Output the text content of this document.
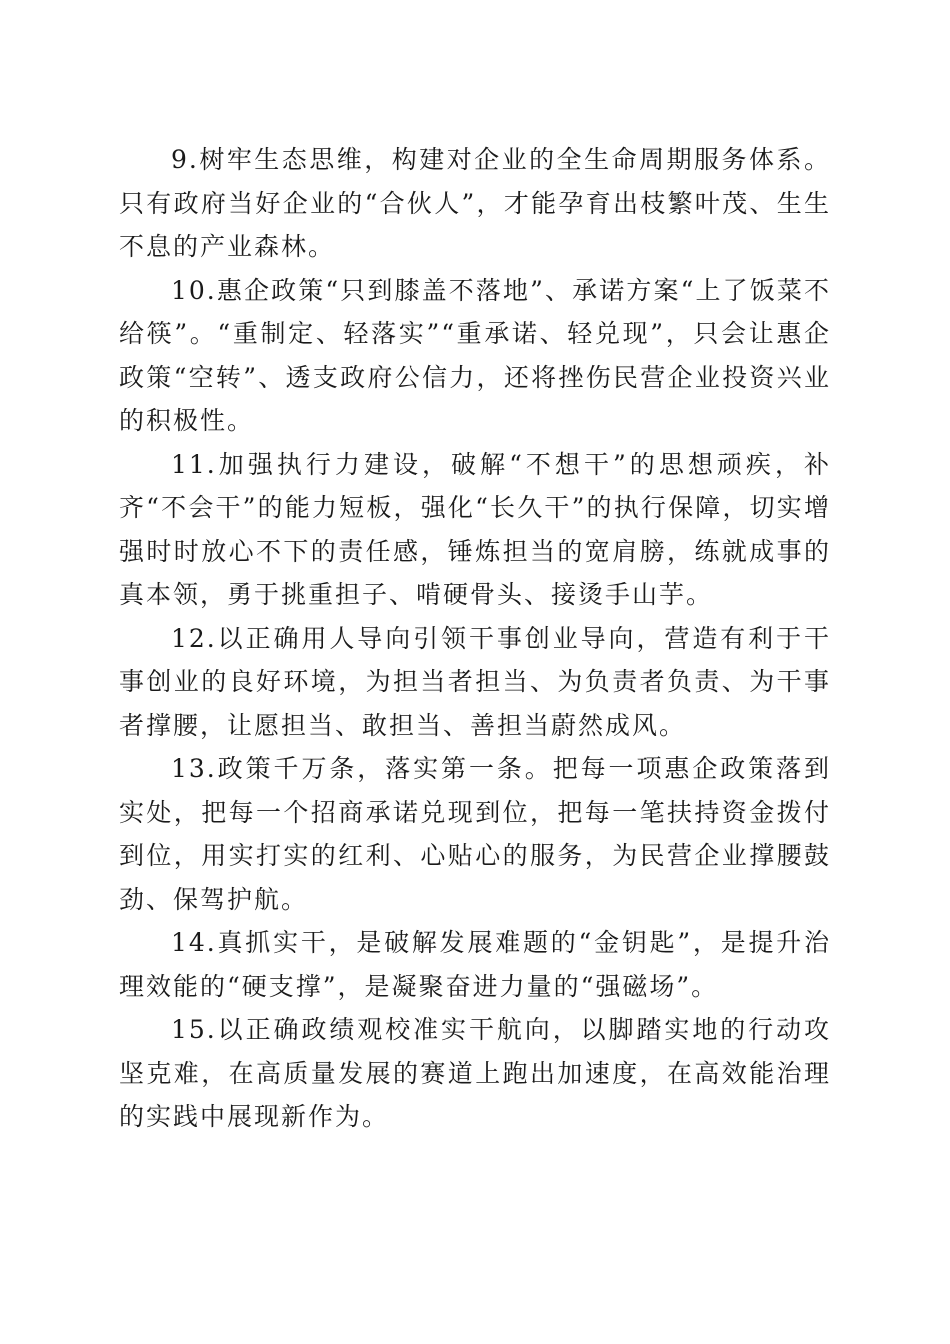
9.树牢生态思维，构建对企业的全生命周期服务体系。只有政府当好企业的“合伙人”，才能孕育出枝繁叶茂、生生不息的产业森林。

10.惠企政策“只到膝盖不落地”、承诺方案“上了饭菜不给筷”。“重制定、轻落实”“重承诺、轻兑现”，只会让惠企政策“空转”、透支政府公信力，还将挫伤民营企业投资兴业的积极性。

11.加强执行力建设，破解“不想干”的思想顽疾，补齐“不会干”的能力短板，强化“长久干”的执行保障，切实增强时时放心不下的责任感，锤炼担当的宽肩膀，练就成事的真本领，勇于挑重担子、啃硬骨头、接烫手山芋。

12.以正确用人导向引领干事创业导向，营造有利于干事创业的良好环境，为担当者担当、为负责者负责、为干事者撑腰，让愿担当、敢担当、善担当蔚然成风。

13.政策千万条，落实第一条。把每一项惠企政策落到实处，把每一个招商承诺兑现到位，把每一笔扶持资金拨付到位，用实打实的红利、心贴心的服务，为民营企业撑腰鼓劲、保驾护航。

14.真抓实干，是破解发展难题的“金钥匙”，是提升治理效能的“硬支撑”，是凝聚奋进力量的“强磁场”。

15.以正确政绩观校准实干航向，以脚踏实地的行动攻坚克难，在高质量发展的赛道上跑出加速度，在高效能治理的实践中展现新作为。
